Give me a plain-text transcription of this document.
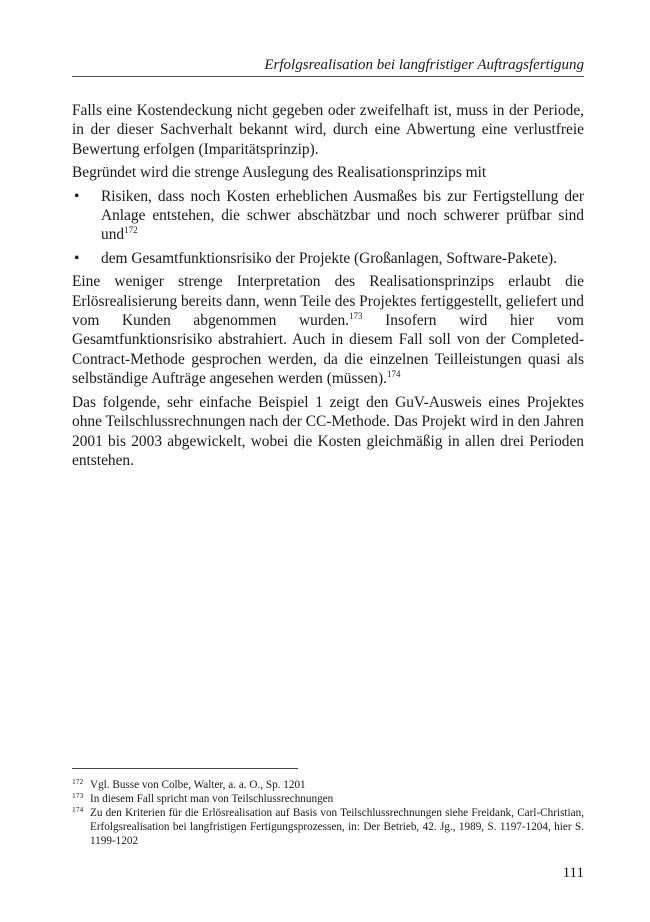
Erfolgsrealisation bei langfristiger Auftragsfertigung

Falls eine Kostendeckung nicht gegeben oder zweifelhaft ist, muss in der Periode, in der dieser Sachverhalt bekannt wird, durch eine Abwertung eine verlustfreie Bewertung erfolgen (Imparitätsprinzip).

Begründet wird die strenge Auslegung des Realisationsprinzips mit

• Risiken, dass noch Kosten erheblichen Ausmaßes bis zur Fertigstellung der Anlage entstehen, die schwer abschätzbar und noch schwerer prüfbar sind und$^{172}$
• dem Gesamtfunktionsrisiko der Projekte (Großanlagen, Software-Pakete).

Eine weniger strenge Interpretation des Realisationsprinzips erlaubt die Erlösrealisierung bereits dann, wenn Teile des Projektes fertiggestellt, geliefert und vom Kunden abgenommen wurden.$^{173}$ Insofern wird hier vom Gesamtfunktionsrisiko abstrahiert. Auch in diesem Fall soll von der Completed-Contract-Methode gesprochen werden, da die einzelnen Teilleistungen quasi als selbständige Aufträge angesehen werden (müssen).$^{174}$

Das folgende, sehr einfache Beispiel 1 zeigt den GuV-Ausweis eines Projektes ohne Teilschlussrechnungen nach der CC-Methode. Das Projekt wird in den Jahren 2001 bis 2003 abgewickelt, wobei die Kosten gleichmäßig in allen drei Perioden entstehen.

172 Vgl. Busse von Colbe, Walter, a. a. O., Sp. 1201
173 In diesem Fall spricht man von Teilschlussrechnungen
174 Zu den Kriterien für die Erlösrealisation auf Basis von Teilschlussrechnungen siehe Freidank, Carl-Christian, Erfolgsrealisation bei langfristigen Fertigungsprozessen, in: Der Betrieb, 42. Jg., 1989, S. 1197-1204, hier S. 1199-1202
111
